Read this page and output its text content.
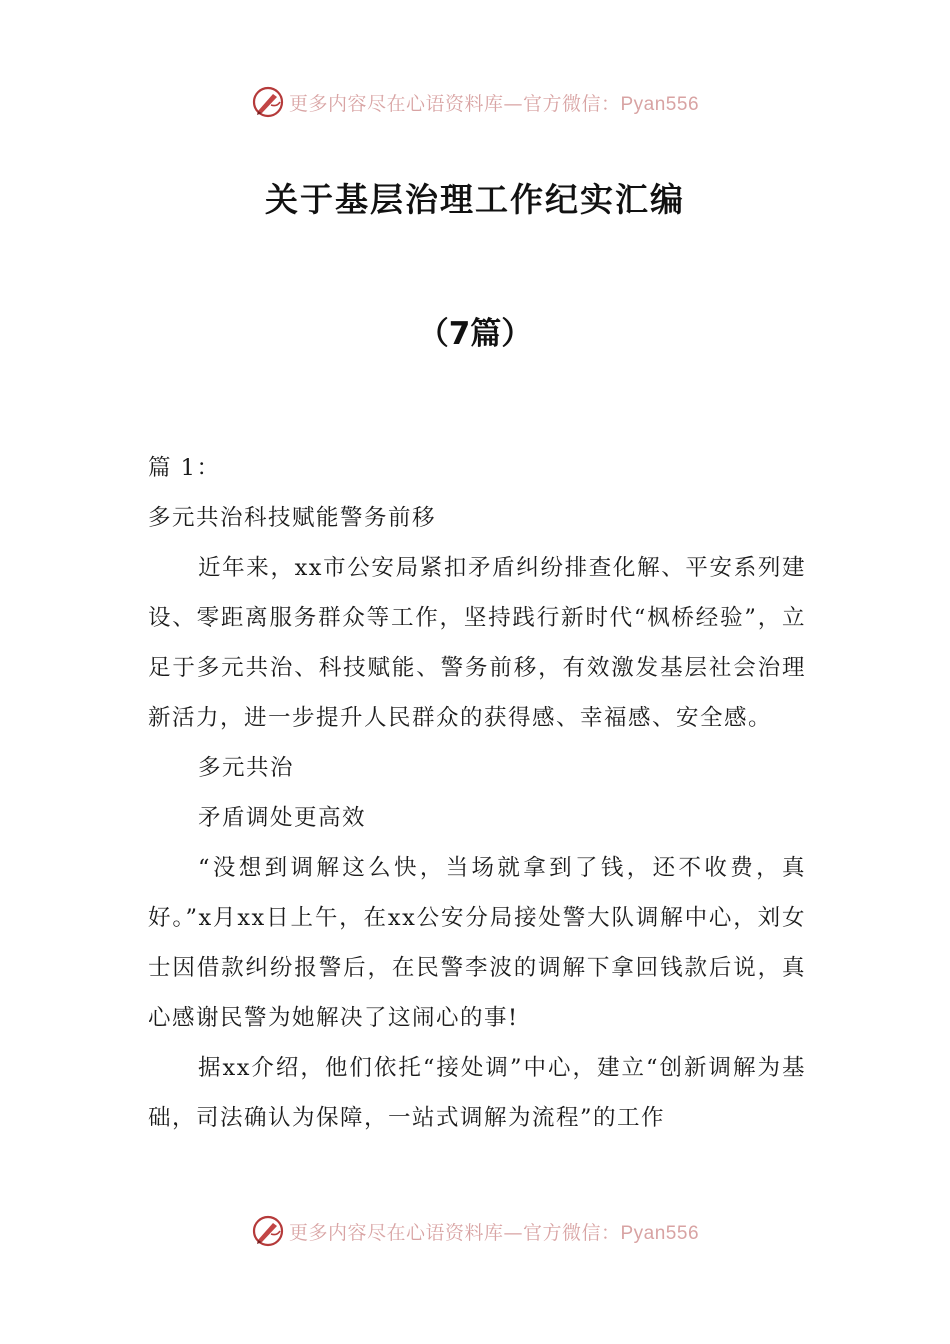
更多内容尽在心语资料库—官方微信：Pyan556
关于基层治理工作纪实汇编
（7篇）

篇 1：

多元共治科技赋能警务前移

近年来，xx市公安局紧扣矛盾纠纷排查化解、平安系列建设、零距离服务群众等工作，坚持践行新时代“枫桥经验”，立足于多元共治、科技赋能、警务前移，有效激发基层社会治理新活力，进一步提升人民群众的获得感、幸福感、安全感。

多元共治

矛盾调处更高效

“没想到调解这么快，当场就拿到了钱，还不收费，真好。”x月xx日上午，在xx公安分局接处警大队调解中心，刘女士因借款纠纷报警后，在民警李波的调解下拿回钱款后说，真心感谢民警为她解决了这闹心的事!

据xx介绍，他们依托“接处调”中心，建立“创新调解为基础，司法确认为保障，一站式调解为流程”的工作

更多内容尽在心语资料库—官方微信：Pyan556
